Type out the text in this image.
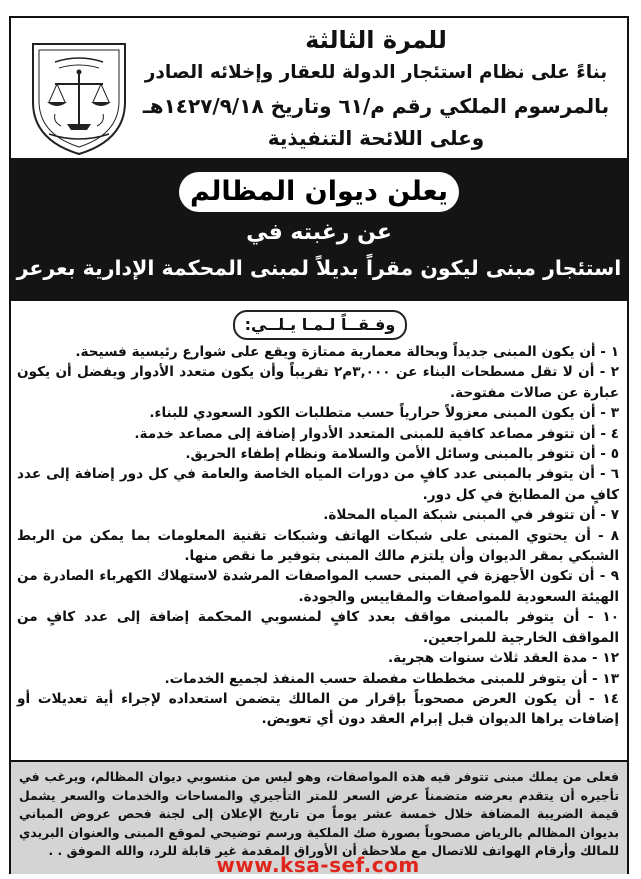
للمرة الثالثة
بناءً على نظام استئجار الدولة للعقار وإخلائه الصادر
بالمرسوم الملكي رقم م/٦١ وتاريخ ١٤٢٧/٩/١٨هـ
وعلى اللائحة التنفيذية
يعلن ديوان المظالم
عن رغبته في
استئجار مبنى ليكون مقراً بديلاً لمبنى المحكمة الإدارية بعرعر
وفـقــاً لـمـا يـلــي:
١ - أن يكون المبنى جديداً وبحالة معمارية ممتازة ويقع على شوارع رئيسية فسيحة.
٢ - أن لا تقل مسطحات البناء عن ٣,٠٠٠م٢ تقريباً وأن يكون متعدد الأدوار ويفضل أن يكون عبارة عن صالات مفتوحة.
٣ - أن يكون المبنى معزولاً حرارياً حسب متطلبات الكود السعودي للبناء.
٤ - أن تتوفر مصاعد كافية للمبنى المتعدد الأدوار إضافة إلى مصاعد خدمة.
٥ - أن تتوفر بالمبنى وسائل الأمن والسلامة ونظام إطفاء الحريق.
٦ - أن يتوفر بالمبنى عدد كافٍ من دورات المياه الخاصة والعامة في كل دور إضافة إلى عدد كافٍ من المطابخ في كل دور.
٧ - أن تتوفر في المبنى شبكة المياه المحلاة.
٨ - أن يحتوي المبنى على شبكات الهاتف وشبكات تقنية المعلومات بما يمكن من الربط الشبكي بمقر الديوان وأن يلتزم مالك المبنى بتوفير ما نقص منها.
٩ - أن تكون الأجهزة في المبنى حسب المواصفات المرشدة لاستهلاك الكهرباء الصادرة من الهيئة السعودية للمواصفات والمقاييس والجودة.
١٠ - أن يتوفر بالمبنى مواقف بعدد كافٍ لمنسوبي المحكمة إضافة إلى عدد كافٍ من المواقف الخارجية للمراجعين.
١٢ - مدة العقد ثلاث سنوات هجرية.
١٣ - أن يتوفر للمبنى مخططات مفصلة حسب المنفذ لجميع الخدمات.
١٤ - أن يكون العرض مصحوباً بإقرار من المالك يتضمن استعداده لإجراء أية تعديلات أو إضافات يراها الديوان قبل إبرام العقد دون أي تعويض.
فعلى من يملك مبنى تتوفر فيه هذه المواصفات، وهو ليس من منسوبي ديوان المظالم، ويرغب في تأجيره أن يتقدم بعرضه متضمناً عرض السعر للمتر التأجيري والمساحات والخدمات والسعر يشمل قيمة الضريبة المضافة خلال خمسة عشر يوماً من تاريخ الإعلان إلى لجنة فحص عروض المباني بديوان المظالم بالرياض مصحوباً بصورة صك الملكية ورسم توضيحي لموقع المبنى والعنوان البريدي للمالك وأرقام الهواتف للاتصال مع ملاحظة أن الأوراق المقدمة غير قابلة للرد، والله الموفق . .
www.ksa-sef.com
